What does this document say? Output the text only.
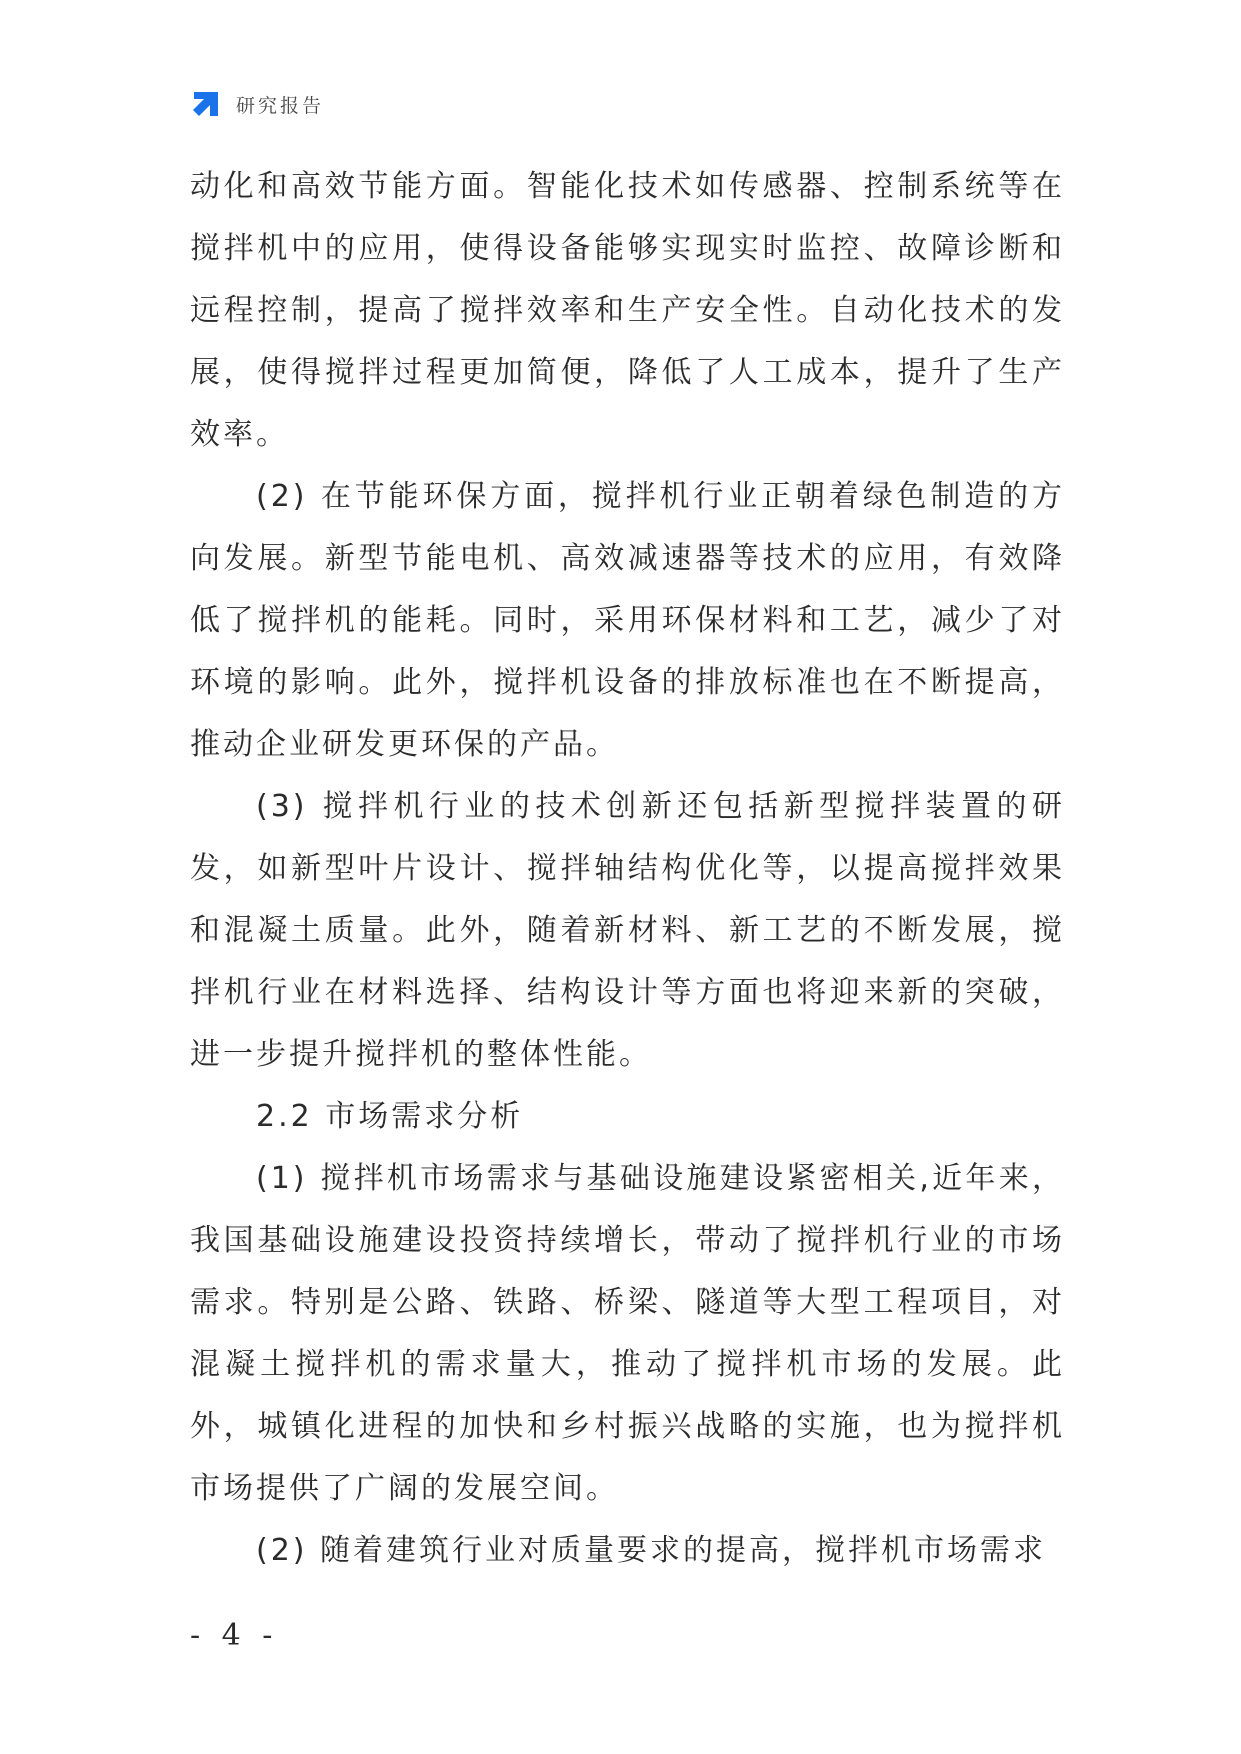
研究报告

动化和高效节能方面。智能化技术如传感器、控制系统等在搅拌机中的应用，使得设备能够实现实时监控、故障诊断和远程控制，提高了搅拌效率和生产安全性。自动化技术的发展，使得搅拌过程更加简便，降低了人工成本，提升了生产效率。

(2) 在节能环保方面，搅拌机行业正朝着绿色制造的方向发展。新型节能电机、高效减速器等技术的应用，有效降低了搅拌机的能耗。同时，采用环保材料和工艺，减少了对环境的影响。此外，搅拌机设备的排放标准也在不断提高，推动企业研发更环保的产品。

(3) 搅拌机行业的技术创新还包括新型搅拌装置的研发，如新型叶片设计、搅拌轴结构优化等，以提高搅拌效果和混凝土质量。此外，随着新材料、新工艺的不断发展，搅拌机行业在材料选择、结构设计等方面也将迎来新的突破，进一步提升搅拌机的整体性能。

2.2 市场需求分析

(1) 搅拌机市场需求与基础设施建设紧密相关,近年来，我国基础设施建设投资持续增长，带动了搅拌机行业的市场需求。特别是公路、铁路、桥梁、隧道等大型工程项目，对混凝土搅拌机的需求量大，推动了搅拌机市场的发展。此外，城镇化进程的加快和乡村振兴战略的实施，也为搅拌机市场提供了广阔的发展空间。

(2) 随着建筑行业对质量要求的提高，搅拌机市场需求

- 4 -
